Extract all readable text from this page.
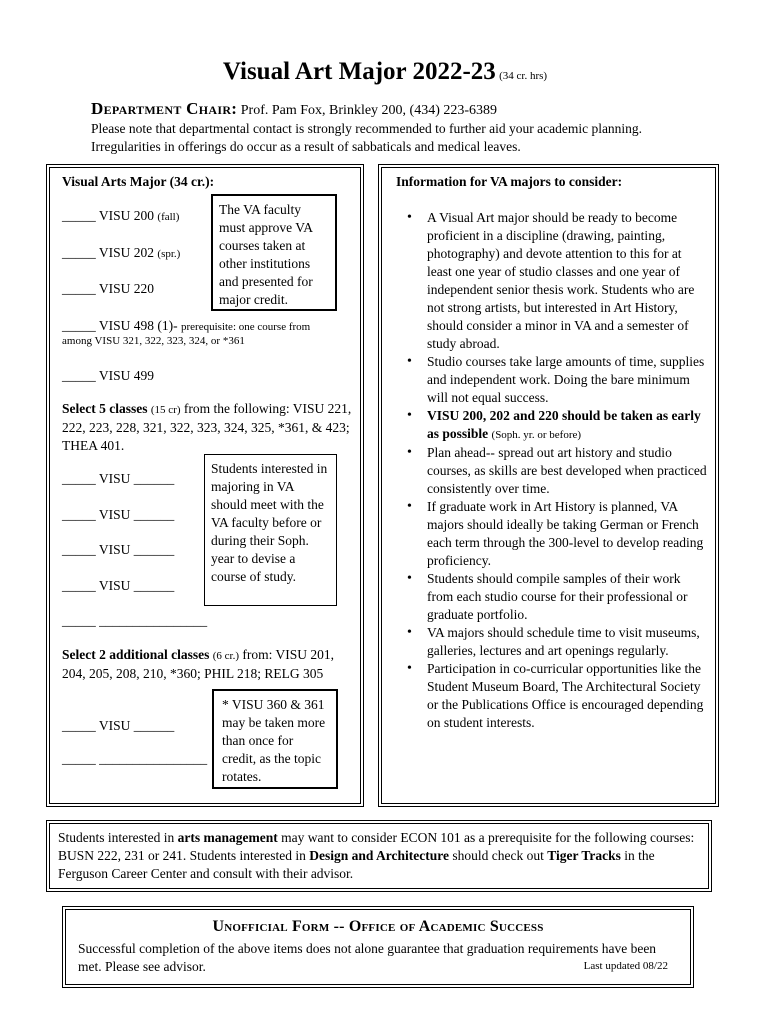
Visual Art Major 2022-23 (34 cr. hrs)
Department Chair: Prof. Pam Fox, Brinkley 200, (434) 223-6389
Please note that departmental contact is strongly recommended to further aid your academic planning. Irregularities in offerings do occur as a result of sabbaticals and medical leaves.
Visual Arts Major (34 cr.):
_____ VISU 200 (fall)
_____ VISU 202 (spr.)
_____ VISU 220
The VA faculty must approve VA courses taken at other institutions and presented for major credit.
_____ VISU 498 (1)- prerequisite: one course from
among VISU 321, 322, 323, 324, or *361
_____ VISU 499
Select 5 classes (15 cr) from the following: VISU 221, 222, 223, 228, 321, 322, 323, 324, 325, *361, & 423; THEA 401.
_____ VISU ______
_____ VISU ______
_____ VISU ______
_____ VISU ______
_____ ________________
Students interested in majoring in VA should meet with the VA faculty before or during their Soph. year to devise a course of study.
Select 2 additional classes (6 cr.) from: VISU 201, 204, 205, 208, 210, *360; PHIL 218; RELG 305
_____ VISU ______
_____ ________________
* VISU 360 & 361 may be taken more than once for credit, as the topic rotates.
Information for VA majors to consider:
• A Visual Art major should be ready to become proficient in a discipline (drawing, painting, photography) and devote attention to this for at least one year of studio classes and one year of independent senior thesis work. Students who are not strong artists, but interested in Art History, should consider a minor in VA and a semester of study abroad.
• Studio courses take large amounts of time, supplies and independent work. Doing the bare minimum will not equal success.
• VISU 200, 202 and 220 should be taken as early as possible (Soph. yr. or before)
• Plan ahead-- spread out art history and studio courses, as skills are best developed when practiced consistently over time.
• If graduate work in Art History is planned, VA majors should ideally be taking German or French each term through the 300-level to develop reading proficiency.
• Students should compile samples of their work from each studio course for their professional or graduate portfolio.
• VA majors should schedule time to visit museums, galleries, lectures and art openings regularly.
• Participation in co-curricular opportunities like the Student Museum Board, The Architectural Society or the Publications Office is encouraged depending on student interests.
Students interested in arts management may want to consider ECON 101 as a prerequisite for the following courses: BUSN 222, 231 or 241. Students interested in Design and Architecture should check out Tiger Tracks in the Ferguson Career Center and consult with their advisor.
Unofficial Form -- Office of Academic Success
Successful completion of the above items does not alone guarantee that graduation requirements have been met. Please see advisor.	Last updated 08/22
